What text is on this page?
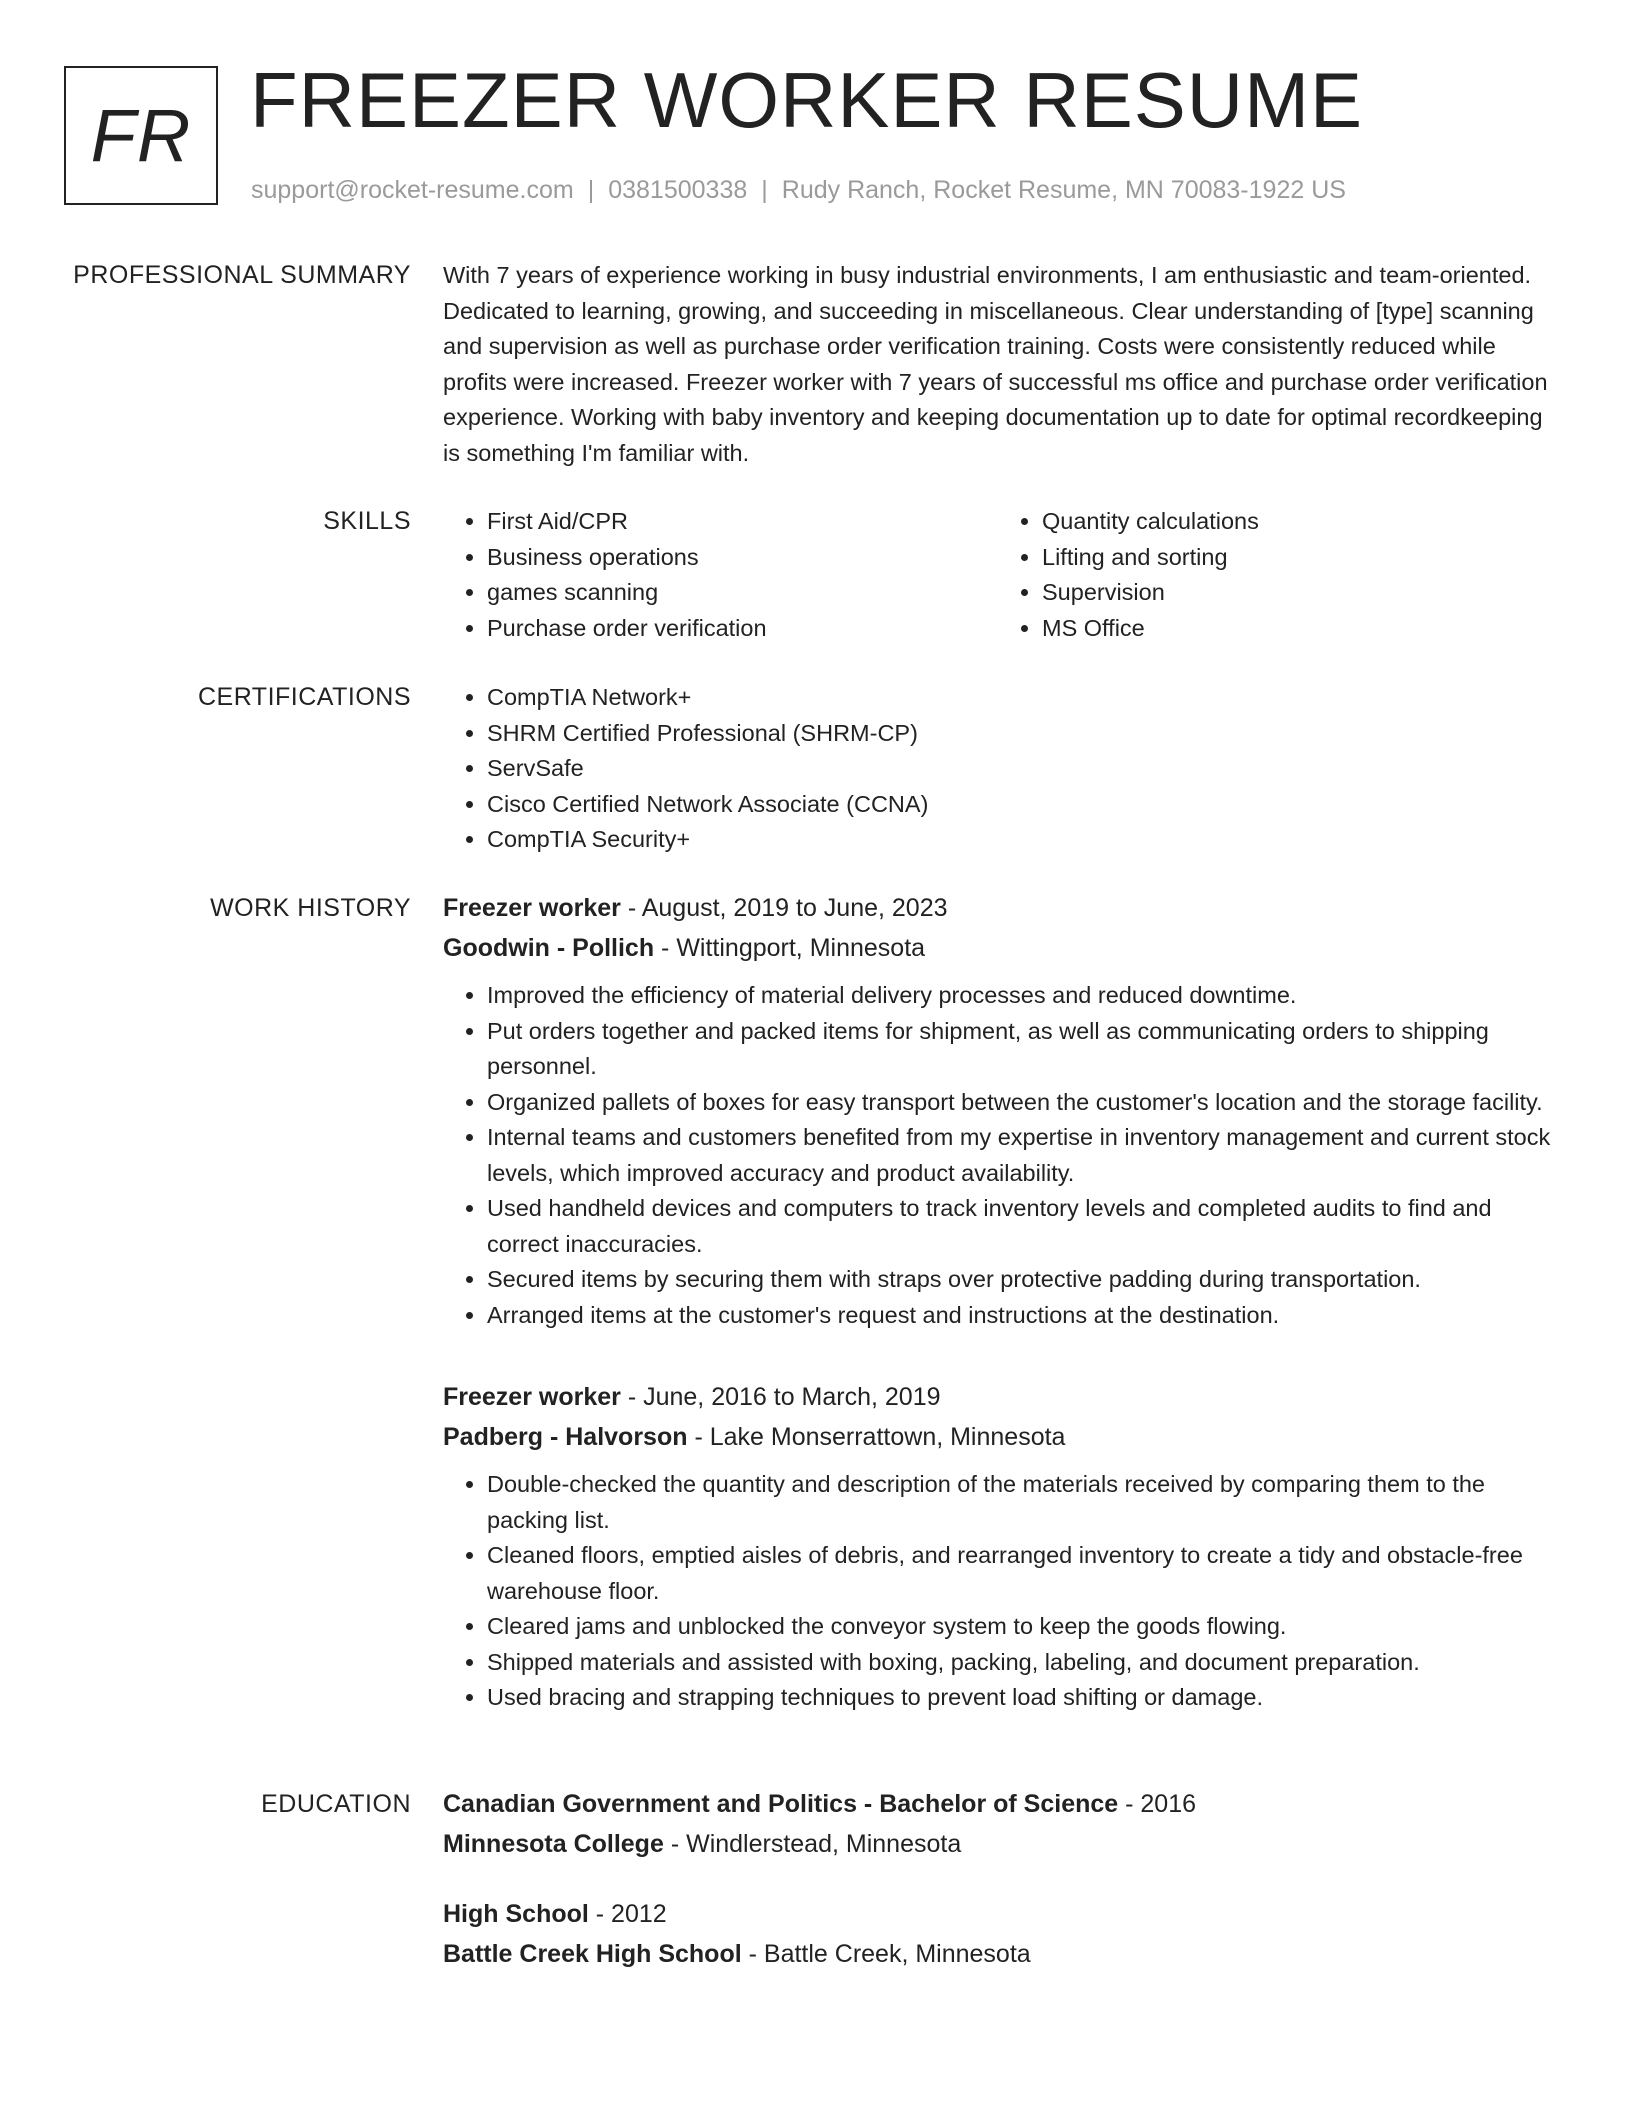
FR FREEZER WORKER RESUME
support@rocket-resume.com | 0381500338 | Rudy Ranch, Rocket Resume, MN 70083-1922 US
PROFESSIONAL SUMMARY With 7 years of experience working in busy industrial environments, I am enthusiastic and team-oriented. Dedicated to learning, growing, and succeeding in miscellaneous. Clear understanding of [type] scanning and supervision as well as purchase order verification training. Costs were consistently reduced while profits were increased. Freezer worker with 7 years of successful ms office and purchase order verification experience. Working with baby inventory and keeping documentation up to date for optimal recordkeeping is something I'm familiar with.

SKILLS	• First Aid/CPR
• Business operations
• games scanning
• Purchase order verification
• Quantity calculations
• Lifting and sorting
• Supervision
• MS Office
CERTIFICATIONS	• CompTIA Network+
• SHRM Certified Professional (SHRM-CP)
• ServSafe
• Cisco Certified Network Associate (CCNA)
• CompTIA Security+
WORK HISTORY Freezer worker - August, 2019 to June, 2023
Goodwin - Pollich - Wittingport, Minnesota
• Improved the efficiency of material delivery processes and reduced downtime.
• Put orders together and packed items for shipment, as well as communicating orders to shipping personnel.
• Organized pallets of boxes for easy transport between the customer's location and the storage facility.
• Internal teams and customers benefited from my expertise in inventory management and current stock levels, which improved accuracy and product availability.
• Used handheld devices and computers to track inventory levels and completed audits to find and correct inaccuracies.
• Secured items by securing them with straps over protective padding during transportation.
• Arranged items at the customer's request and instructions at the destination.
Freezer worker - June, 2016 to March, 2019
Padberg - Halvorson - Lake Monserrattown, Minnesota
• Double-checked the quantity and description of the materials received by comparing them to the packing list.
• Cleaned floors, emptied aisles of debris, and rearranged inventory to create a tidy and obstacle-free warehouse floor.
• Cleared jams and unblocked the conveyor system to keep the goods flowing.
• Shipped materials and assisted with boxing, packing, labeling, and document preparation.
• Used bracing and strapping techniques to prevent load shifting or damage.
EDUCATION Canadian Government and Politics - Bachelor of Science - 2016
Minnesota College - Windlerstead, Minnesota
High School - 2012
Battle Creek High School - Battle Creek, Minnesota
